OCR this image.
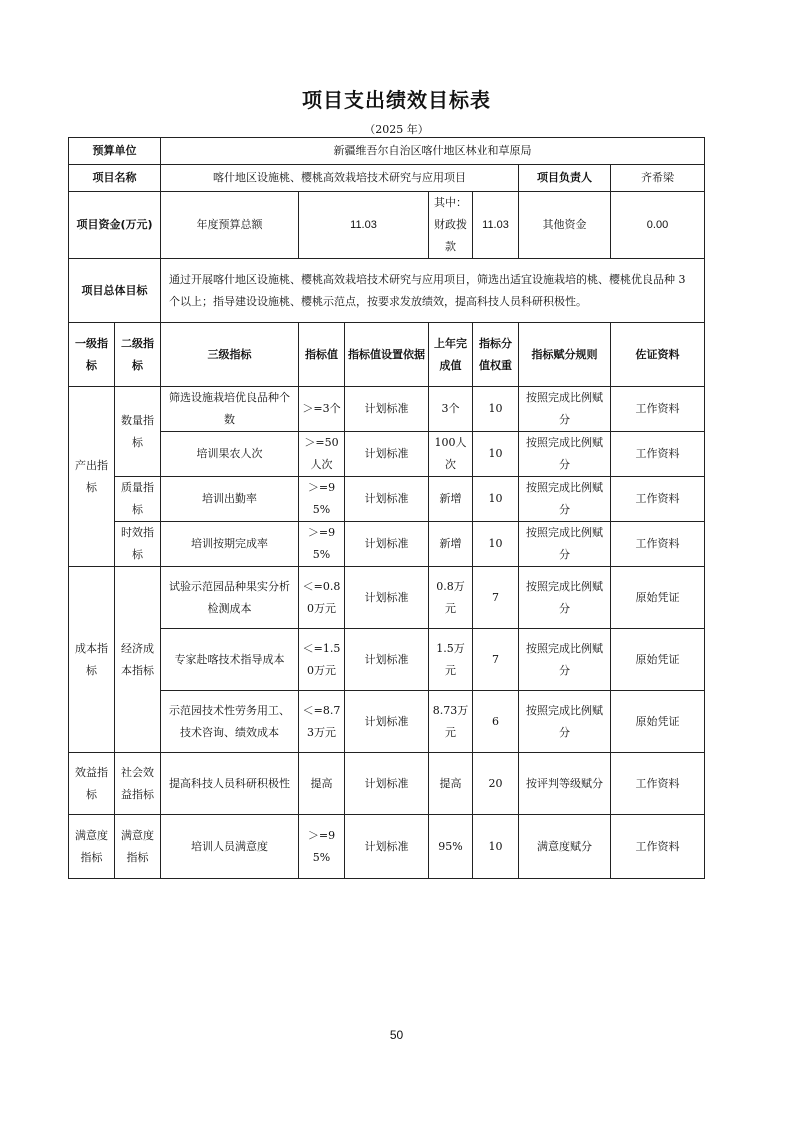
项目支出绩效目标表
（2025 年）
预算单位		新疆维吾尔自治区喀什地区林业和草原局						
项目名称		喀什地区设施桃、樱桃高效栽培技术研究与应用项目					项目负责人	齐希梁
项目资金(万元)		年度预算总额	11.03		其中：财政拨款	11.03	其他资金	0.00
项目总体目标		通过开展喀什地区设施桃、樱桃高效栽培技术研究与应用项目，筛选出适宜设施栽培的桃、樱桃优良品种 3 个以上；指导建设设施桃、樱桃示范点，按要求发放绩效，提高科技人员科研积极性。						
一级指标	二级指标	三级指标	指标值	指标值设置依据	上年完成值	指标分值权重	指标赋分规则	佐证资料
产出指标	数量指标	筛选设施栽培优良品种个数	＞=3个	计划标准	3个	10	按照完成比例赋分	工作资料
		培训果农人次	＞=50人次	计划标准	100人次	10	按照完成比例赋分	工作资料
	质量指标	培训出勤率	＞=95%	计划标准	新增	10	按照完成比例赋分	工作资料
	时效指标	培训按期完成率	＞=95%	计划标准	新增	10	按照完成比例赋分	工作资料
成本指标	经济成本指标	试验示范园品种果实分析检测成本	＜=0.80万元	计划标准	0.8万元	7	按照完成比例赋分	原始凭证
		专家赴喀技术指导成本	＜=1.50万元	计划标准	1.5万元	7	按照完成比例赋分	原始凭证
		示范园技术性劳务用工、技术咨询、绩效成本	＜=8.73万元	计划标准	8.73万元	6	按照完成比例赋分	原始凭证
效益指标	社会效益指标	提高科技人员科研积极性	提高	计划标准	提高	20	按评判等级赋分	工作资料
满意度指标	满意度指标	培训人员满意度	＞=95%	计划标准	95%	10	满意度赋分	工作资料
50
